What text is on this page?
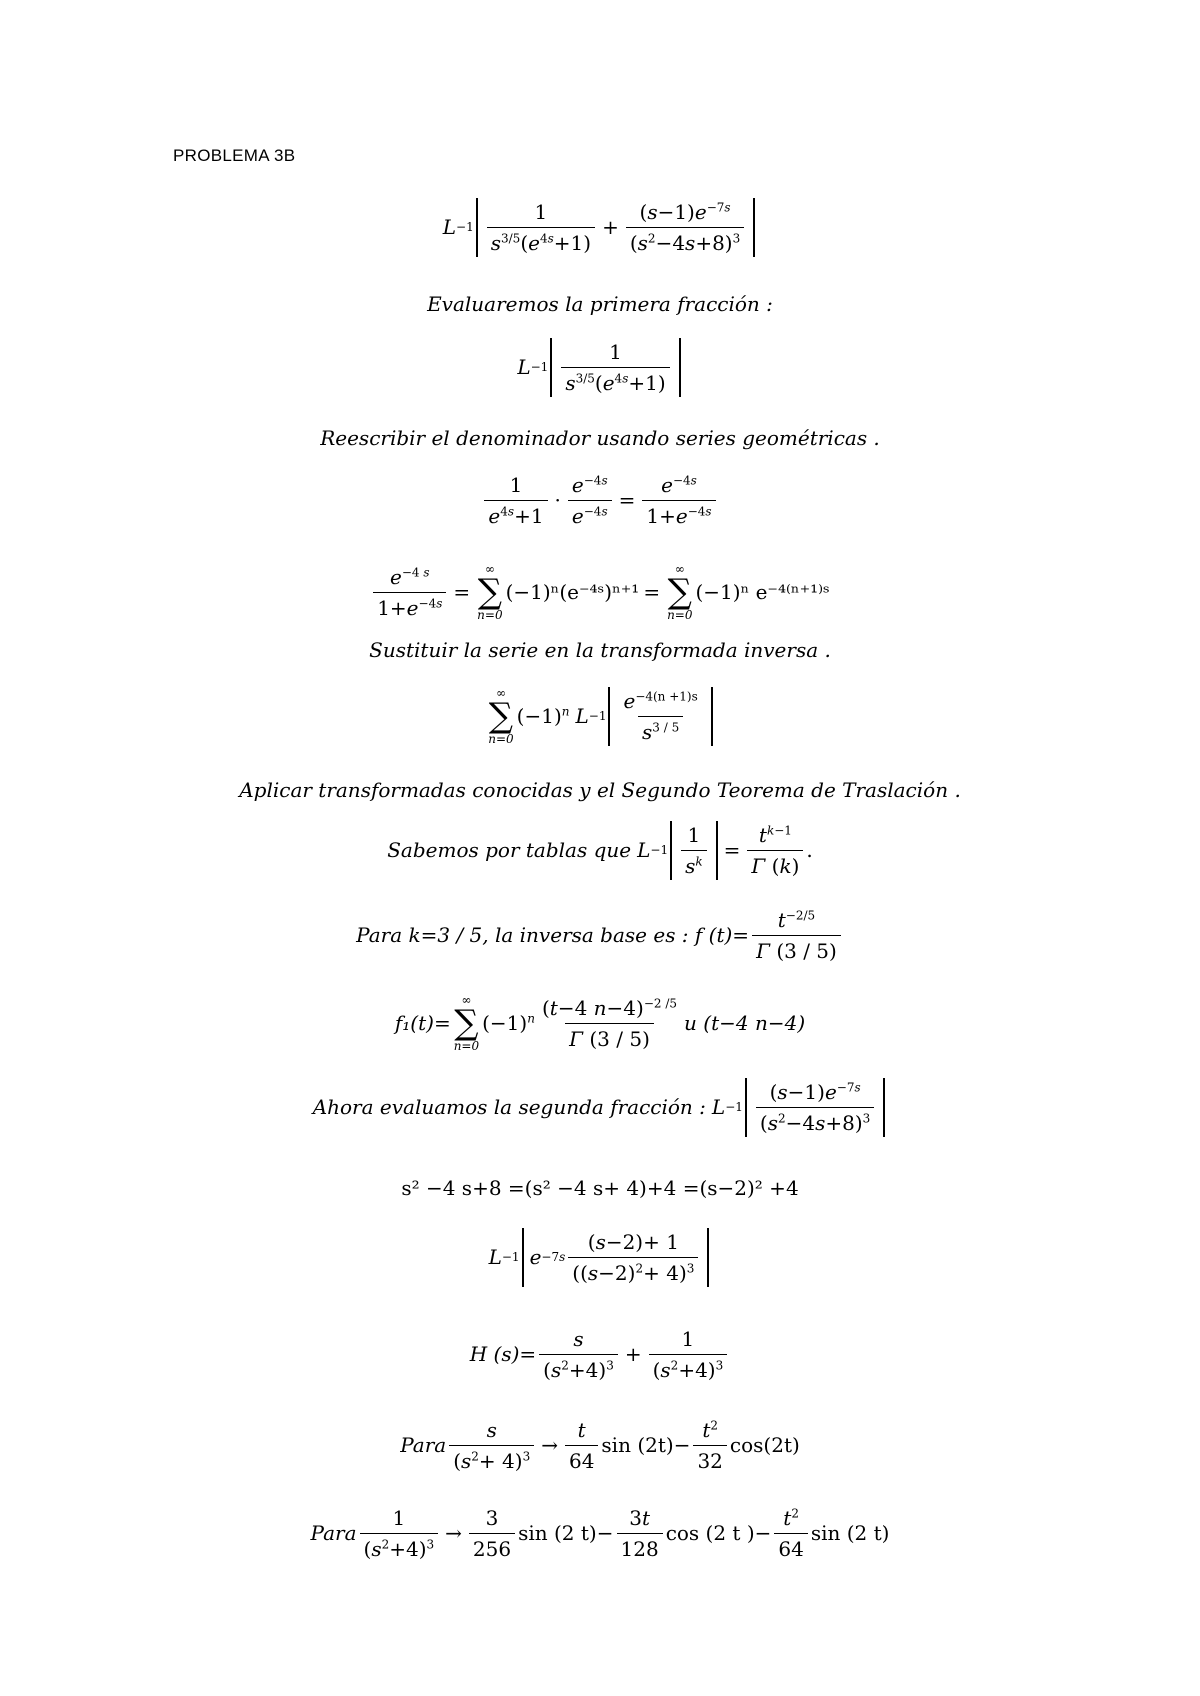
PROBLEMA 3B
$L -1 \frac{1}{s^{3/5}(e^{4s}+1)} + \frac{(s-1)e^{-7s}}{(s^2-4s+8)^3}$
Evaluaremos la primera fracción :
$L -1 \frac{1}{s^{3/5}(e^{4s}+1)}$
Reescribir el denominador usando series geométricas .
$\frac{1}{e^{4s}+1} \cdot \frac{e^{-4s}}{e^{-4s}} = \frac{e^{-4s}}{1+e^{-4s}}$
$\frac{e^{-4 s}}{1+e^{-4s}}$ =
∞
∑
n=0
(−1)ⁿ(e⁻⁴ˢ)ⁿ⁺¹ =
∞
∑
n=0
(−1)ⁿ e⁻⁴⁽ⁿ⁺¹⁾ˢ
Sustituir la serie en la transformada inversa .
∞
∑
n=0
$(-1)^n$ $L -1 \frac{e^{-4(n +1)s}}{s^{3 / 5}}$
Aplicar transformadas conocidas y el Segundo Teorema de Traslación .
Sabemos por tablas que $L -1 \frac{1}{s^k} = \frac{t^{k-1}}{\Gamma (k)}$ .
Para k=3 / 5, la inversa base es : f $(t)= \frac{t^{-2/5}}{\Gamma (3 / 5)}$
f₁(t)=
∞
∑
n=0
$(-1)^n \frac{(t-4 n-4)^{-2 /5}}{\Gamma (3 / 5)}$ u (t−4 n−4)
Ahora evaluamos la segunda fracción : $L -1 \frac{(s-1)e^{-7s}}{(s^2-4s+8)^3}$
s² −4 s+8 =(s² −4 s+ 4)+4 =(s−2)² +4
L −1 $e -7s \frac{(s-2)+ 1}{((s-2)^2+ 4)^3}$
H $(s)= \frac{s}{(s^2+4)^3} + \frac{1}{(s^2+4)^3}$
Para $\frac{s}{(s^2+ 4)^3} \to \frac{t}{64}$ $\sin (2t)- \frac{t^2}{32} \cos(2t)$
Para $\frac{1}{(s^2+4)^3} \to \frac{3}{256}$ sin (2 $t)- \frac{3t}{128}$ cos (2 t )− $\frac{t^2}{64}$ sin (2 t)
